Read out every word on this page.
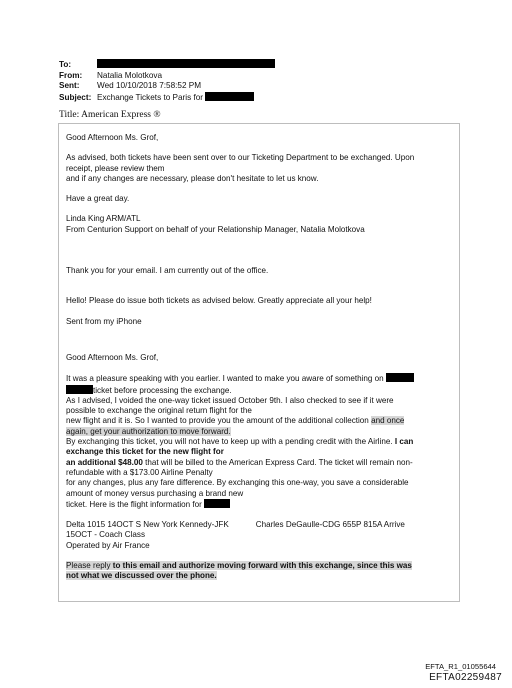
To:
From: Natalia Molotkova
Sent: Wed 10/10/2018 7:58:52 PM
Subject: Exchange Tickets to Paris for
Title: American Express ®
Good Afternoon Ms. Grof,
As advised, both tickets have been sent over to our Ticketing Department to be exchanged. Upon
receipt, please review them
and if any changes are necessary, please don't hesitate to let us know.
Have a great day.
Linda King ARM/ATL
From Centurion Support on behalf of your Relationship Manager, Natalia Molotkova
Thank you for your email. I am currently out of the office.
Hello! Please do issue both tickets as advised below. Greatly appreciate all your help!
Sent from my iPhone
Good Afternoon Ms. Grof,
It was a pleasure speaking with you earlier. I wanted to make you aware of something on
ticket before processing the exchange.
As I advised, I voided the one-way ticket issued October 9th. I also checked to see if it were
possible to exchange the original return flight for the
new flight and it is. So I wanted to provide you the amount of the additional collection and once
again, get your authorization to move forward.
By exchanging this ticket, you will not have to keep up with a pending credit with the Airline. I can
exchange this ticket for the new flight for
an additional $48.00 that will be billed to the American Express Card. The ticket will remain non-
refundable with a $173.00 Airline Penalty
for any changes, plus any fare difference. By exchanging this one-way, you save a considerable
amount of money versus purchasing a brand new
ticket. Here is the flight information for
Delta 1015 14OCT S New York Kennedy-JFK	Charles DeGaulle-CDG 655P 815A Arrive
15OCT - Coach Class
Operated by Air France
Please reply to this email and authorize moving forward with this exchange, since this was
not what we discussed over the phone.
EFTA_R1_01055644
EFTA02259487
